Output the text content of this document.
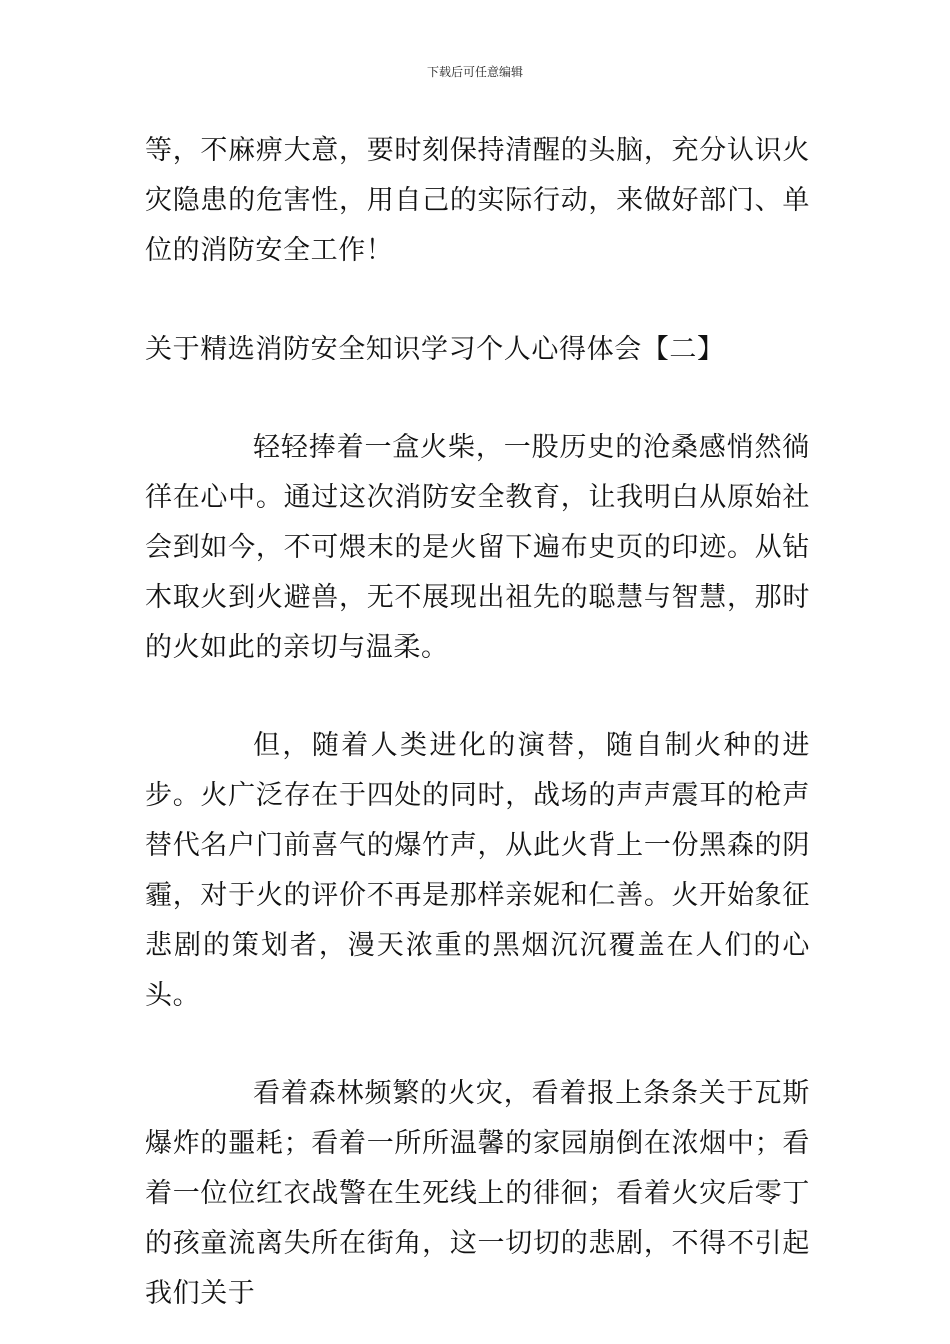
下载后可任意编辑

等，不麻痹大意，要时刻保持清醒的头脑，充分认识火灾隐患的危害性，用自己的实际行动，来做好部门、单位的消防安全工作！

关于精选消防安全知识学习个人心得体会【二】

轻轻捧着一盒火柴，一股历史的沧桑感悄然徜徉在心中。通过这次消防安全教育，让我明白从原始社会到如今，不可煨末的是火留下遍布史页的印迹。从钻木取火到火避兽，无不展现出祖先的聪慧与智慧，那时的火如此的亲切与温柔。

但，随着人类进化的演替，随自制火种的进步。火广泛存在于四处的同时，战场的声声震耳的枪声替代名户门前喜气的爆竹声，从此火背上一份黑森的阴霾，对于火的评价不再是那样亲妮和仁善。火开始象征悲剧的策划者，漫天浓重的黑烟沉沉覆盖在人们的心头。

看着森林频繁的火灾，看着报上条条关于瓦斯爆炸的噩耗；看着一所所温馨的家园崩倒在浓烟中；看着一位位红衣战警在生死线上的徘徊；看着火灾后零丁的孩童流离失所在街角，这一切切的悲剧，不得不引起我们关于
